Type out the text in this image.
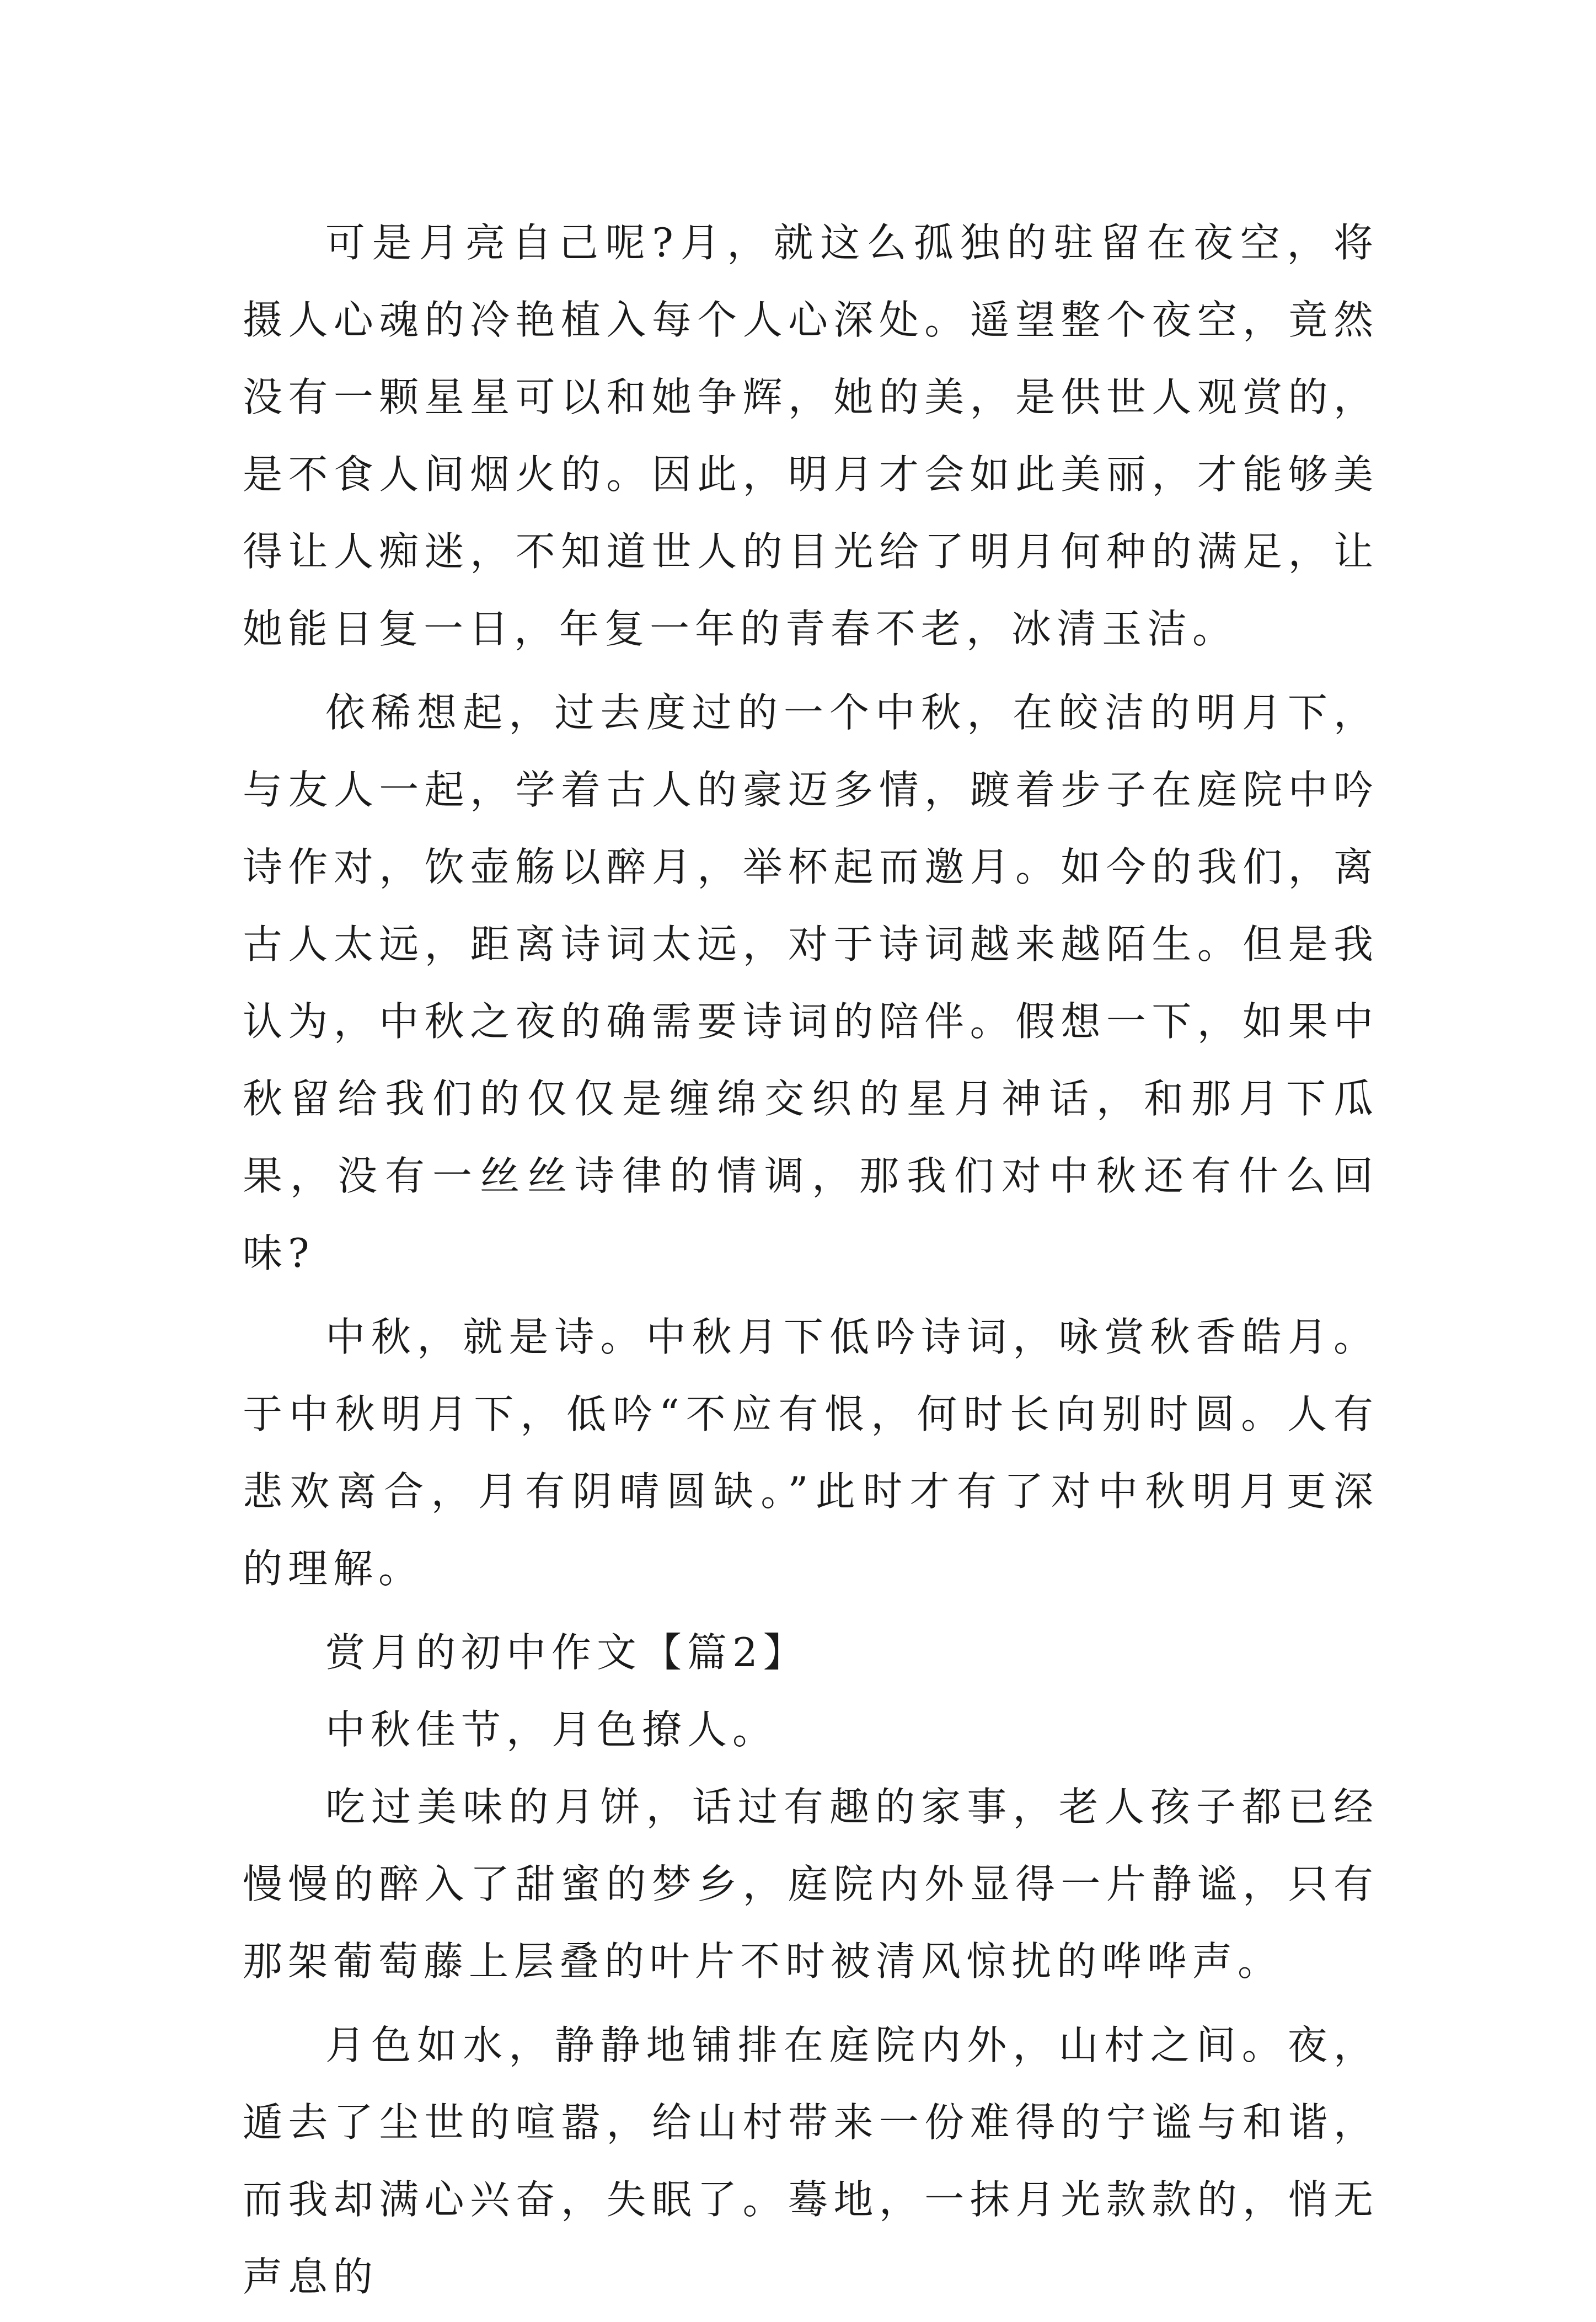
可是月亮自己呢?月，就这么孤独的驻留在夜空，将摄人心魂的冷艳植入每个人心深处。遥望整个夜空，竟然没有一颗星星可以和她争辉，她的美，是供世人观赏的，是不食人间烟火的。因此，明月才会如此美丽，才能够美得让人痴迷，不知道世人的目光给了明月何种的满足，让她能日复一日，年复一年的青春不老，冰清玉洁。

依稀想起，过去度过的一个中秋，在皎洁的明月下，与友人一起，学着古人的豪迈多情，踱着步子在庭院中吟诗作对，饮壶觞以醉月，举杯起而邀月。如今的我们，离古人太远，距离诗词太远，对于诗词越来越陌生。但是我认为，中秋之夜的确需要诗词的陪伴。假想一下，如果中秋留给我们的仅仅是缠绵交织的星月神话，和那月下瓜果，没有一丝丝诗律的情调，那我们对中秋还有什么回味?

中秋，就是诗。中秋月下低吟诗词，咏赏秋香皓月。于中秋明月下，低吟“不应有恨，何时长向别时圆。人有悲欢离合，月有阴晴圆缺。”此时才有了对中秋明月更深的理解。

赏月的初中作文【篇2】

中秋佳节，月色撩人。

吃过美味的月饼，话过有趣的家事，老人孩子都已经慢慢的醉入了甜蜜的梦乡，庭院内外显得一片静谧，只有那架葡萄藤上层叠的叶片不时被清风惊扰的哗哗声。

月色如水，静静地铺排在庭院内外，山村之间。夜，遁去了尘世的喧嚣，给山村带来一份难得的宁谧与和谐，而我却满心兴奋，失眠了。蓦地，一抹月光款款的，悄无声息的
